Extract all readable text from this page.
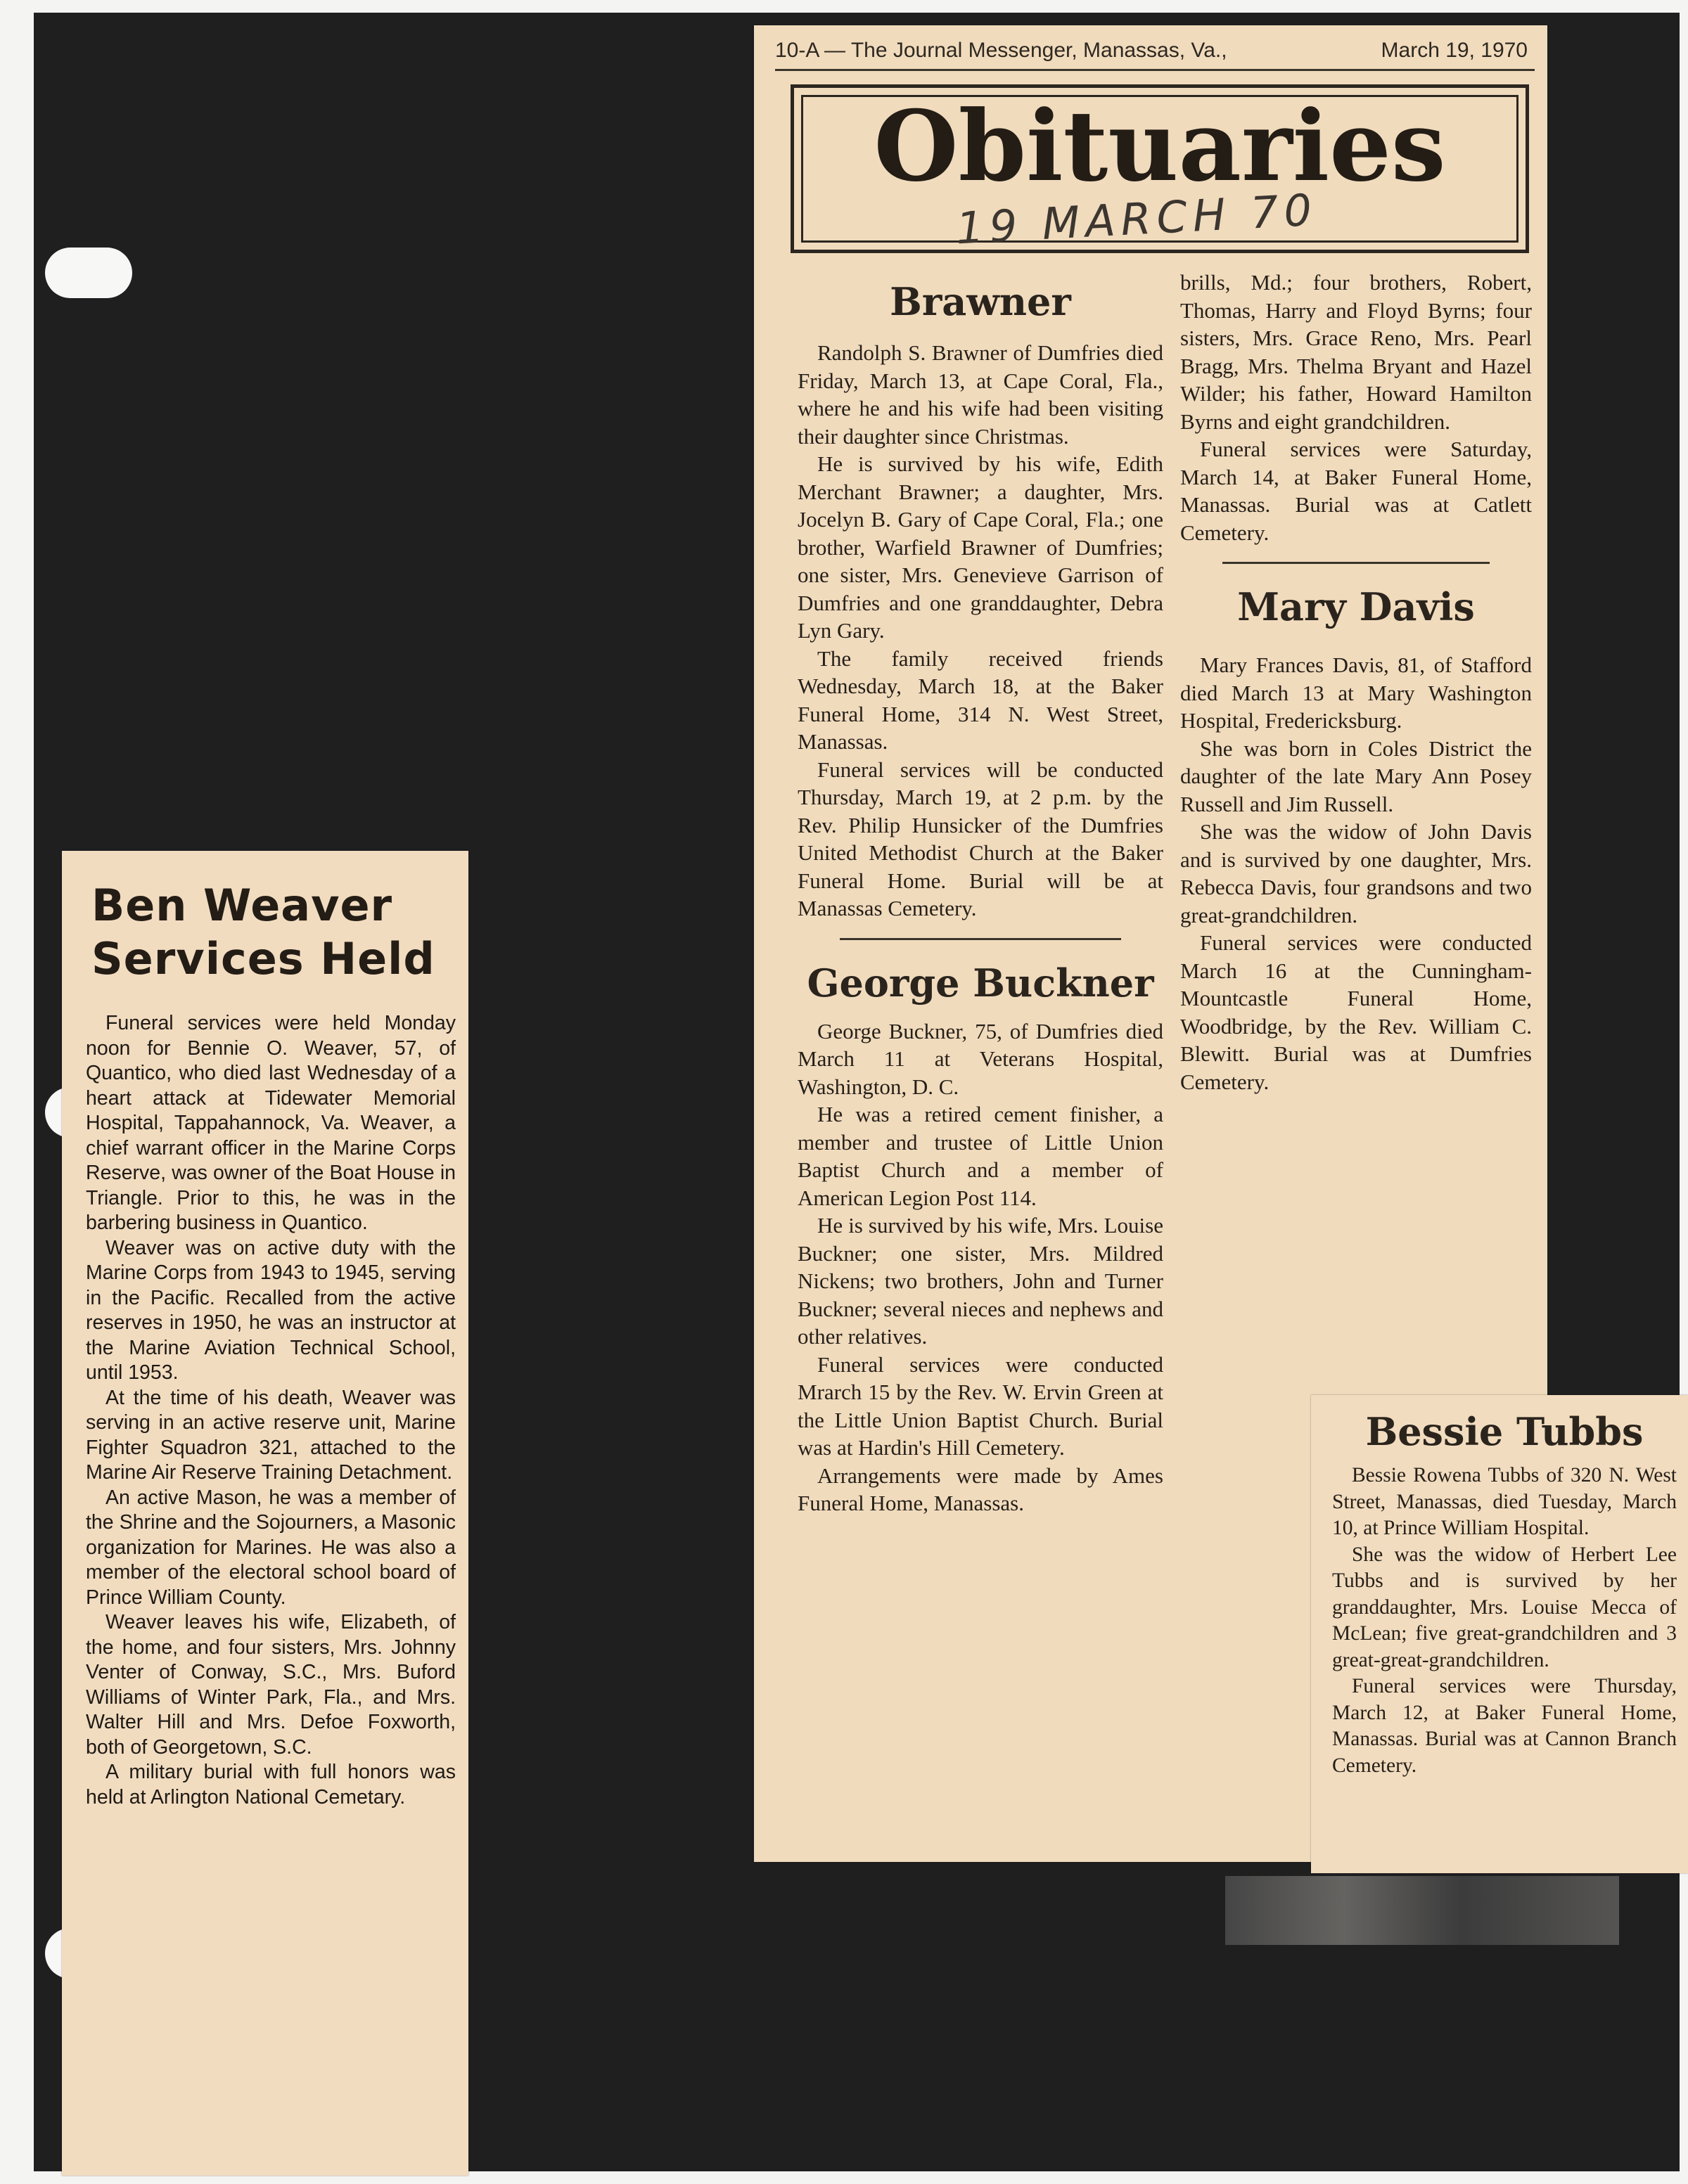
Ben Weaver
Services Held

Funeral services were held Monday noon for Bennie O. Weaver, 57, of Quantico, who died last Wednesday of a heart attack at Tidewater Memorial Hospital, Tappahannock, Va. Weaver, a chief warrant officer in the Marine Corps Reserve, was owner of the Boat House in Triangle. Prior to this, he was in the barbering business in Quantico.

Weaver was on active duty with the Marine Corps from 1943 to 1945, serving in the Pacific. Recalled from the active reserves in 1950, he was an instructor at the Marine Aviation Technical School, until 1953.

At the time of his death, Weaver was serving in an active reserve unit, Marine Fighter Squadron 321, attached to the Marine Air Reserve Training Detachment.

An active Mason, he was a member of the Shrine and the Sojourners, a Masonic organization for Marines. He was also a member of the electoral school board of Prince William County.

Weaver leaves his wife, Elizabeth, of the home, and four sisters, Mrs. Johnny Venter of Conway, S.C., Mrs. Buford Williams of Winter Park, Fla., and Mrs. Walter Hill and Mrs. Defoe Foxworth, both of Georgetown, S.C.

A military burial with full honors was held at Arlington National Cemetary.

10-A — The Journal Messenger, Manassas, Va.,	March 19, 1970
Obituaries
19 MARCH 70

Brawner

Randolph S. Brawner of Dumfries died Friday, March 13, at Cape Coral, Fla., where he and his wife had been visiting their daughter since Christmas.

He is survived by his wife, Edith Merchant Brawner; a daughter, Mrs. Jocelyn B. Gary of Cape Coral, Fla.; one brother, Warfield Brawner of Dumfries; one sister, Mrs. Genevieve Garrison of Dumfries and one granddaughter, Debra Lyn Gary.

The family received friends Wednesday, March 18, at the Baker Funeral Home, 314 N. West Street, Manassas.

Funeral services will be conducted Thursday, March 19, at 2 p.m. by the Rev. Philip Hunsicker of the Dumfries United Methodist Church at the Baker Funeral Home. Burial will be at Manassas Cemetery.

George Buckner

George Buckner, 75, of Dumfries died March 11 at Veterans Hospital, Washington, D. C.

He was a retired cement finisher, a member and trustee of Little Union Baptist Church and a member of American Legion Post 114.

He is survived by his wife, Mrs. Louise Buckner; one sister, Mrs. Mildred Nickens; two brothers, John and Turner Buckner; several nieces and nephews and other relatives.

Funeral services were conducted Mrarch 15 by the Rev. W. Ervin Green at the Little Union Baptist Church. Burial was at Hardin's Hill Cemetery.

Arrangements were made by Ames Funeral Home, Manassas.

brills, Md.; four brothers, Robert, Thomas, Harry and Floyd Byrns; four sisters, Mrs. Grace Reno, Mrs. Pearl Bragg, Mrs. Thelma Bryant and Hazel Wilder; his father, Howard Hamilton Byrns and eight grandchildren.

Funeral services were Saturday, March 14, at Baker Funeral Home, Manassas. Burial was at Catlett Cemetery.

Mary Davis

Mary Frances Davis, 81, of Stafford died March 13 at Mary Washington Hospital, Fredericksburg.

She was born in Coles District the daughter of the late Mary Ann Posey Russell and Jim Russell.

She was the widow of John Davis and is survived by one daughter, Mrs. Rebecca Davis, four grandsons and two great-grandchildren.

Funeral services were conducted March 16 at the Cunningham-Mountcastle Funeral Home, Woodbridge, by the Rev. William C. Blewitt. Burial was at Dumfries Cemetery.

Bessie Tubbs

Bessie Rowena Tubbs of 320 N. West Street, Manassas, died Tuesday, March 10, at Prince William Hospital.

She was the widow of Herbert Lee Tubbs and is survived by her granddaughter, Mrs. Louise Mecca of McLean; five great-grandchildren and 3 great-great-grandchildren.

Funeral services were Thursday, March 12, at Baker Funeral Home, Manassas. Burial was at Cannon Branch Cemetery.
